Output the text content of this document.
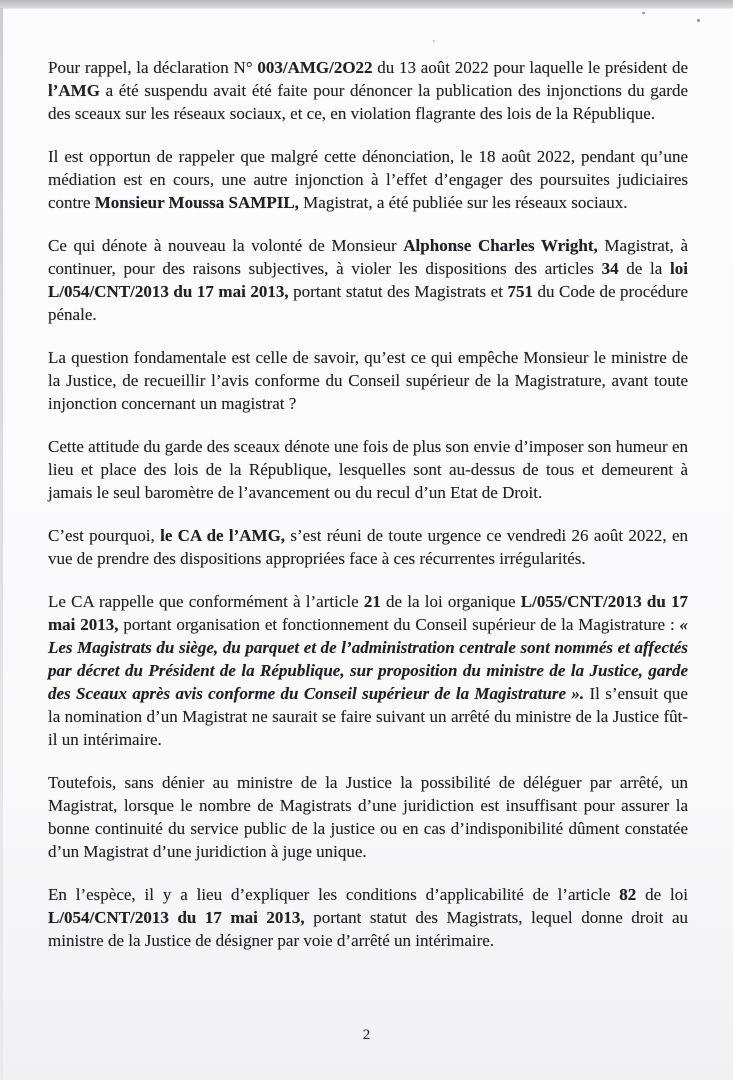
Pour rappel, la déclaration N° 003/AMG/2O22 du 13 août 2022 pour laquelle le président de l’AMG a été suspendu avait été faite pour dénoncer la publication des injonctions du garde des sceaux sur les réseaux sociaux, et ce, en violation flagrante des lois de la République.

Il est opportun de rappeler que malgré cette dénonciation, le 18 août 2022, pendant qu’une médiation est en cours, une autre injonction à l’effet d’engager des poursuites judiciaires contre Monsieur Moussa SAMPIL, Magistrat, a été publiée sur les réseaux sociaux.

Ce qui dénote à nouveau la volonté de Monsieur Alphonse Charles Wright, Magistrat, à continuer, pour des raisons subjectives, à violer les dispositions des articles 34 de la loi L/054/CNT/2013 du 17 mai 2013, portant statut des Magistrats et 751 du Code de procédure pénale.

La question fondamentale est celle de savoir, qu’est ce qui empêche Monsieur le ministre de la Justice, de recueillir l’avis conforme du Conseil supérieur de la Magistrature, avant toute injonction concernant un magistrat ?

Cette attitude du garde des sceaux dénote une fois de plus son envie d’imposer son humeur en lieu et place des lois de la République, lesquelles sont au-dessus de tous et demeurent à jamais le seul baromètre de l’avancement ou du recul d’un Etat de Droit.

C’est pourquoi, le CA de l’AMG, s’est réuni de toute urgence ce vendredi 26 août 2022, en vue de prendre des dispositions appropriées face à ces récurrentes irrégularités.

Le CA rappelle que conformément à l’article 21 de la loi organique L/055/CNT/2013 du 17 mai 2013, portant organisation et fonctionnement du Conseil supérieur de la Magistrature : « Les Magistrats du siège, du parquet et de l’administration centrale sont nommés et affectés par décret du Président de la République, sur proposition du ministre de la Justice, garde des Sceaux après avis conforme du Conseil supérieur de la Magistrature ». Il s’ensuit que la nomination d’un Magistrat ne saurait se faire suivant un arrêté du ministre de la Justice fût-il un intérimaire.

Toutefois, sans dénier au ministre de la Justice la possibilité de déléguer par arrêté, un Magistrat, lorsque le nombre de Magistrats d’une juridiction est insuffisant pour assurer la bonne continuité du service public de la justice ou en cas d’indisponibilité dûment constatée d’un Magistrat d’une juridiction à juge unique.

En l’espèce, il y a lieu d’expliquer les conditions d’applicabilité de l’article 82 de loi L/054/CNT/2013 du 17 mai 2013, portant statut des Magistrats, lequel donne droit au ministre de la Justice de désigner par voie d’arrêté un intérimaire.

2
